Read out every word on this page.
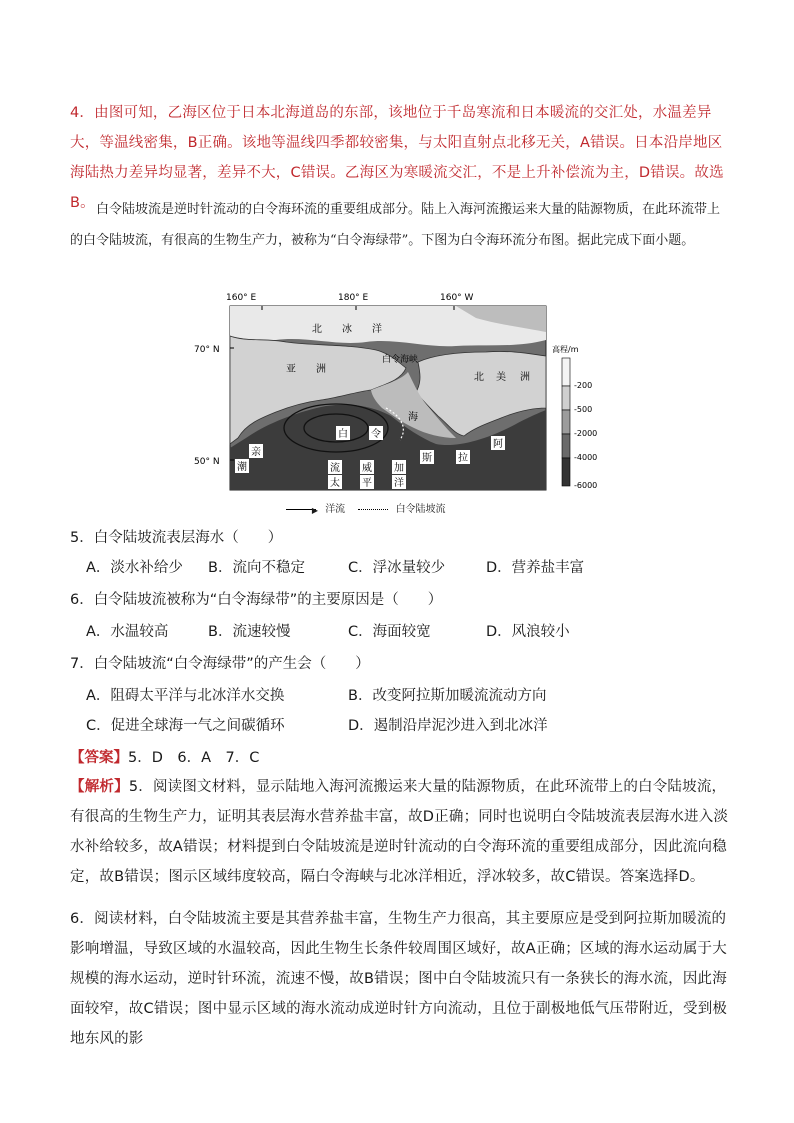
4．由图可知，乙海区位于日本北海道岛的东部，该地位于千岛寒流和日本暖流的交汇处，水温差异大，等温线密集，B正确。该地等温线四季都较密集，与太阳直射点北移无关，A错误。日本沿岸地区海陆热力差异均显著，差异不大，C错误。乙海区为寒暖流交汇，不是上升补偿流为主，D错误。故选B。 白令陆坡流是逆时针流动的白令海环流的重要组成部分。陆上入海河流搬运来大量的陆源物质，在此环流带上的白令陆坡流，有很高的生物生产力，被称为“白令海绿带”。下图为白令海环流分布图。据此完成下面小题。
160° E	180° E	160° W
70° N
50° N
北 冰 洋
亚 洲
白令海峡
北 美 洲
海
白 令
亲
潮	流
太
威
平
加
洋
斯	拉
阿
高程/m
-200
-500
-2000
-4000
-6000
▶ 洋流	白令陆坡流
5．白令陆坡流表层海水（　　）
A．淡水补给少 B．流向不稳定	C．浮冰量较少	D．营养盐丰富
6．白令陆坡流被称为“白令海绿带”的主要原因是（　　）
A．水温较高	B．流速较慢	C．海面较宽	D．风浪较小
7．白令陆坡流“白令海绿带”的产生会（　　）
A．阻碍太平洋与北冰洋水交换	B．改变阿拉斯加暖流流动方向
C．促进全球海一气之间碳循环	D．遏制沿岸泥沙进入到北冰洋
【答案】5．D　6．A　7．C
【解析】5．阅读图文材料，显示陆地入海河流搬运来大量的陆源物质，在此环流带上的白令陆坡流，有很高的生物生产力，证明其表层海水营养盐丰富，故D正确；同时也说明白令陆坡流表层海水进入淡水补给较多，故A错误；材料提到白令陆坡流是逆时针流动的白令海环流的重要组成部分，因此流向稳定，故B错误；图示区域纬度较高，隔白令海峡与北冰洋相近，浮冰较多，故C错误。答案选择D。
6．阅读材料，白令陆坡流主要是其营养盐丰富，生物生产力很高，其主要原应是受到阿拉斯加暖流的影响增温，导致区域的水温较高，因此生物生长条件较周围区域好，故A正确；区域的海水运动属于大规模的海水运动，逆时针环流，流速不慢，故B错误；图中白令陆坡流只有一条狭长的海水流，因此海面较窄，故C错误；图中显示区域的海水流动成逆时针方向流动，且位于副极地低气压带附近，受到极地东风的影
